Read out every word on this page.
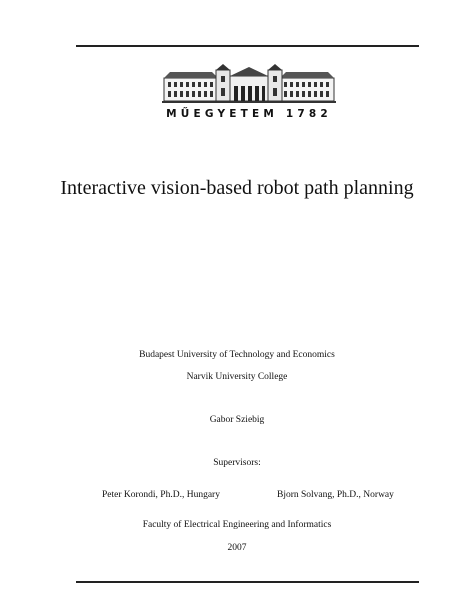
MŰEGYETEM 1782
Interactive vision-based robot path planning
Budapest University of Technology and Economics
Narvik University College
Gabor Sziebig
Supervisors:
Peter Korondi, Ph.D., Hungary	Bjorn Solvang, Ph.D., Norway
Faculty of Electrical Engineering and Informatics
2007
